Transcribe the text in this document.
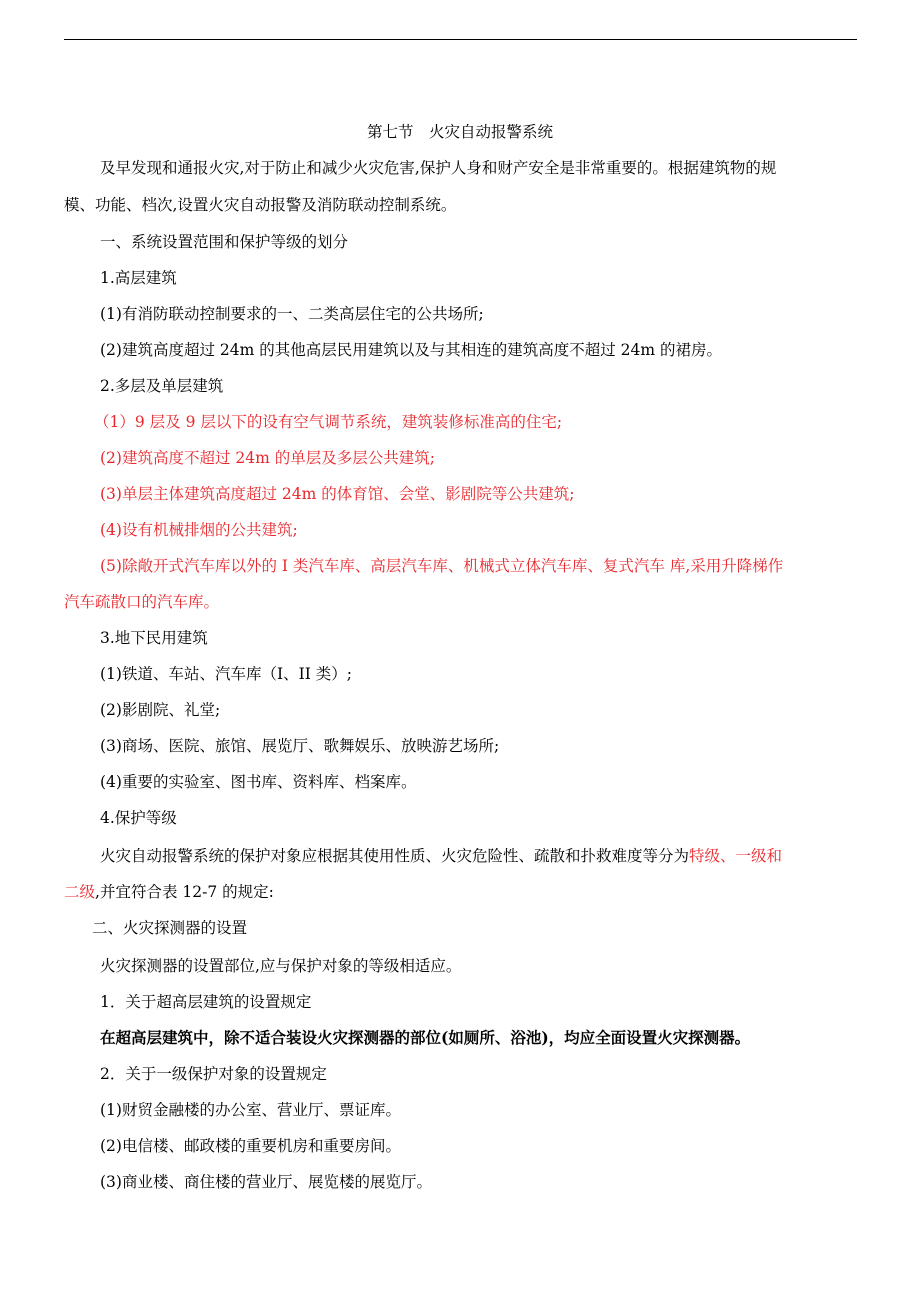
第七节　火灾自动报警系统
及早发现和通报火灾,对于防止和减少火灾危害,保护人身和财产安全是非常重要的。根据建筑物的规
模、功能、档次,设置火灾自动报警及消防联动控制系统。
一、系统设置范围和保护等级的划分
1.高层建筑
(1)有消防联动控制要求的一、二类高层住宅的公共场所;
(2)建筑高度超过 24m 的其他高层民用建筑以及与其相连的建筑高度不超过 24m 的裙房。
2.多层及单层建筑
（1）9 层及 9 层以下的设有空气调节系统，建筑装修标准高的住宅;
(2)建筑高度不超过 24m 的单层及多层公共建筑;
(3)单层主体建筑高度超过 24m 的体育馆、会堂、影剧院等公共建筑;
(4)设有机械排烟的公共建筑;
(5)除敞开式汽车库以外的 I 类汽车库、高层汽车库、机械式立体汽车库、复式汽车 库,采用升降梯作
汽车疏散口的汽车库。
3.地下民用建筑
(1)铁道、车站、汽车库（I、II 类）;
(2)影剧院、礼堂;
(3)商场、医院、旅馆、展览厅、歌舞娱乐、放映游艺场所;
(4)重要的实验室、图书库、资料库、档案库。
4.保护等级
火灾自动报警系统的保护对象应根据其使用性质、火灾危险性、疏散和扑救难度等分为特级、一级和
二级,并宜符合表 12-7 的规定:
二、火灾探测器的设置
火灾探测器的设置部位,应与保护对象的等级相适应。
1．关于超高层建筑的设置规定
在超高层建筑中，除不适合装设火灾探测器的部位(如厕所、浴池)，均应全面设置火灾探测器。
2．关于一级保护对象的设置规定
(1)财贸金融楼的办公室、营业厅、票证库。
(2)电信楼、邮政楼的重要机房和重要房间。
(3)商业楼、商住楼的营业厅、展览楼的展览厅。
